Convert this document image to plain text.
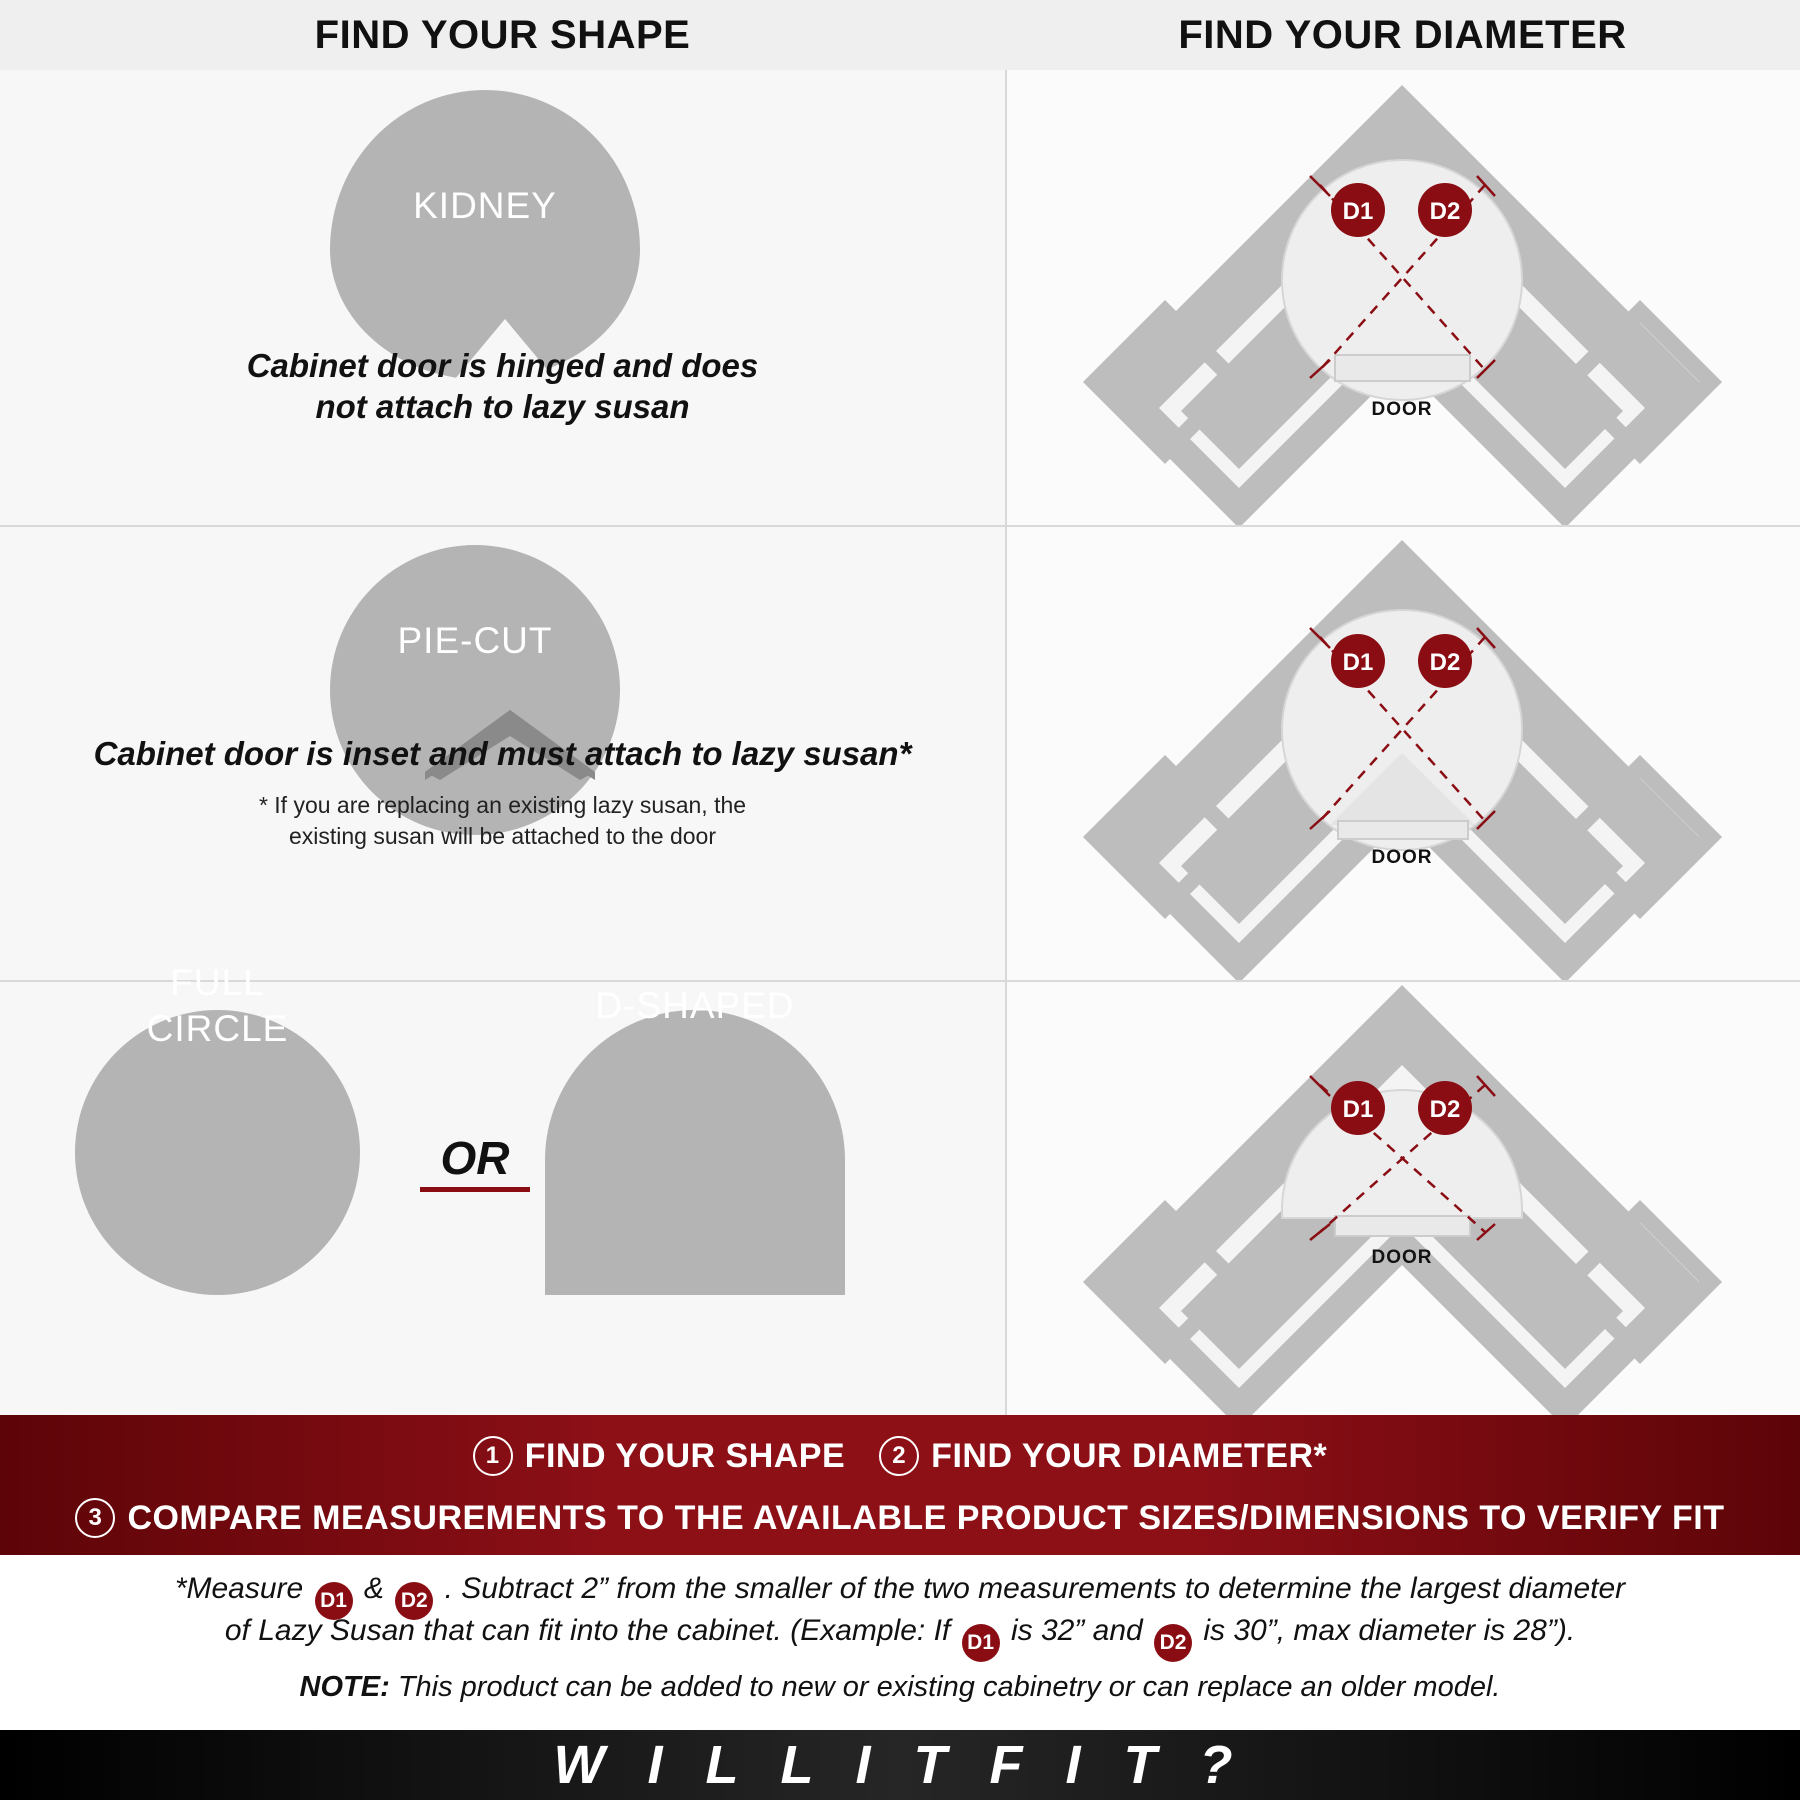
FIND YOUR SHAPE	FIND YOUR DIAMETER
D1 D2
DOOR
D1 D2
DOOR
OR
D1 D2
DOOR
KIDNEY
Cabinet door is hinged and does
not attach to lazy susan
PIE-CUT
Cabinet door is inset and must attach to lazy susan*
* If you are replacing an existing lazy susan, the
existing susan will be attached to the door
FULL
CIRCLE
D-SHAPED
1 FIND YOUR SHAPE	2 FIND YOUR DIAMETER*
3 COMPARE MEASUREMENTS TO THE AVAILABLE PRODUCT SIZES/DIMENSIONS TO VERIFY FIT
*Measure D1 & D2 . Subtract 2” from the smaller of the two measurements to determine the largest diameter
of Lazy Susan that can fit into the cabinet. (Example: If D1 is 32” and D2 is 30”, max diameter is 28”).
NOTE: This product can be added to new or existing cabinetry or can replace an older model.
W I L L I T F I T ?
